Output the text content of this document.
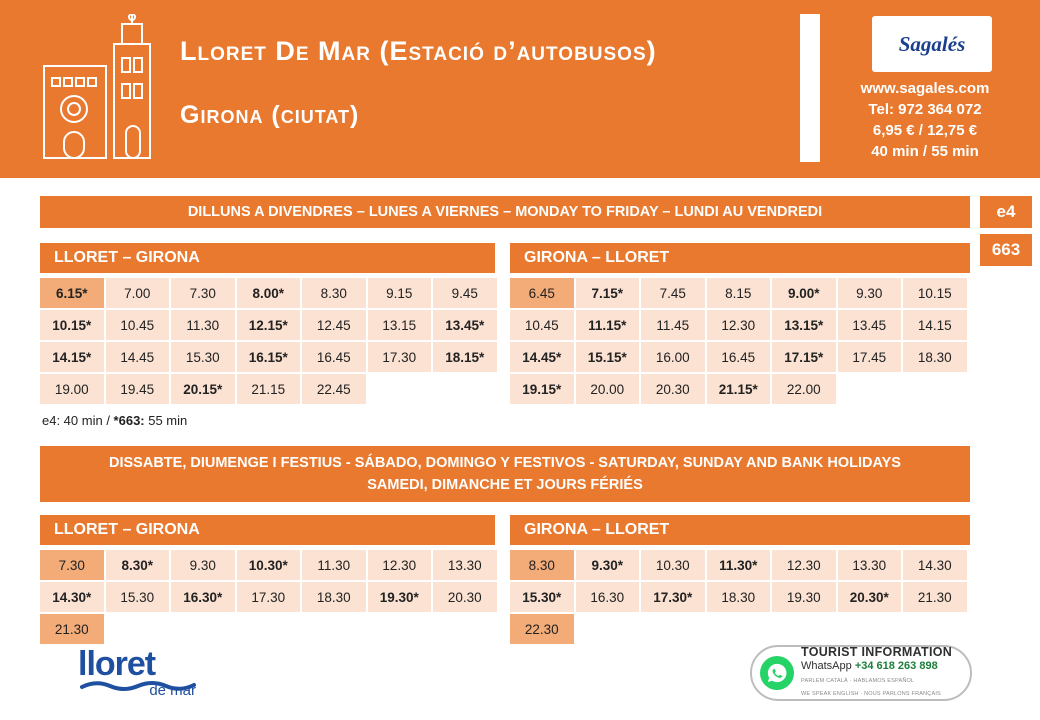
Lloret De Mar (Estació d’autobusos)
Girona (ciutat)
Sagalés
www.sagales.com
Tel: 972 364 072
6,95 € / 12,75 €
40 min / 55 min
DILLUNS A DIVENDRES – LUNES A VIERNES – MONDAY TO FRIDAY – LUNDI AU VENDREDI	e4
663
LLORET – GIRONA	GIRONA – LLORET
6.15*	7.00	7.30	8.00*	8.30	9.15	9.45
10.15*	10.45	11.30	12.15*	12.45	13.15	13.45*
14.15*	14.45	15.30	16.15*	16.45	17.30	18.15*
19.00	19.45	20.15*	21.15	22.45
6.45	7.15*	7.45	8.15	9.00*	9.30	10.15
10.45	11.15*	11.45	12.30	13.15*	13.45	14.15
14.45*	15.15*	16.00	16.45	17.15*	17.45	18.30
19.15*	20.00	20.30	21.15*	22.00
e4: 40 min / *663: 55 min
DISSABTE, DIUMENGE I FESTIUS - SÁBADO, DOMINGO Y FESTIVOS - SATURDAY, SUNDAY AND BANK HOLIDAYS
SAMEDI, DIMANCHE ET JOURS FÉRIÉS
LLORET – GIRONA	GIRONA – LLORET
7.30	8.30*	9.30	10.30*	11.30	12.30	13.30
14.30*	15.30	16.30*	17.30	18.30	19.30*	20.30
21.30
8.30	9.30*	10.30	11.30*	12.30	13.30	14.30
15.30*	16.30	17.30*	18.30	19.30	20.30*	21.30
22.30
lloret
de mar
TOURIST INFORMATION
WhatsApp +34 618 263 898
PARLEM CATALÀ · HABLAMOS ESPAÑOL
WE SPEAK ENGLISH · NOUS PARLONS FRANÇAIS
